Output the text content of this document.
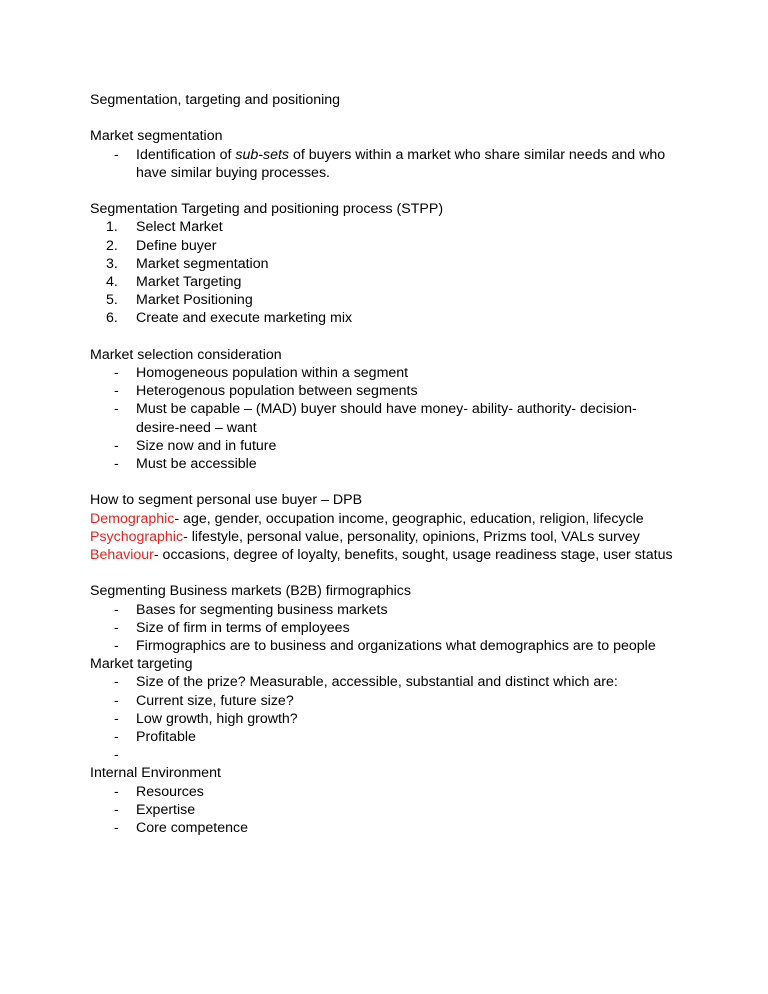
Segmentation, targeting and positioning

Market segmentation

-	Identification of sub-sets of buyers within a market who share similar needs and who have similar buying processes.

Segmentation Targeting and positioning process (STPP)

1.	Select Market
2.	Define buyer
3.	Market segmentation
4.	Market Targeting
5.	Market Positioning
6.	Create and execute marketing mix

Market selection consideration

-	Homogeneous population within a segment
-	Heterogenous population between segments
-	Must be capable – (MAD) buyer should have money- ability- authority- decision- desire-need – want
-	Size now and in future
-	Must be accessible

How to segment personal use buyer – DPB

Demographic- age, gender, occupation income, geographic, education, religion, lifecycle

Psychographic- lifestyle, personal value, personality, opinions, Prizms tool, VALs survey

Behaviour- occasions, degree of loyalty, benefits, sought, usage readiness stage, user status

Segmenting Business markets (B2B) firmographics

-	Bases for segmenting business markets
-	Size of firm in terms of employees
-	Firmographics are to business and organizations what demographics are to people

Market targeting

-	Size of the prize? Measurable, accessible, substantial and distinct which are:
-	Current size, future size?
-	Low growth, high growth?
-	Profitable
-

Internal Environment

-	Resources
-	Expertise
-	Core competence
